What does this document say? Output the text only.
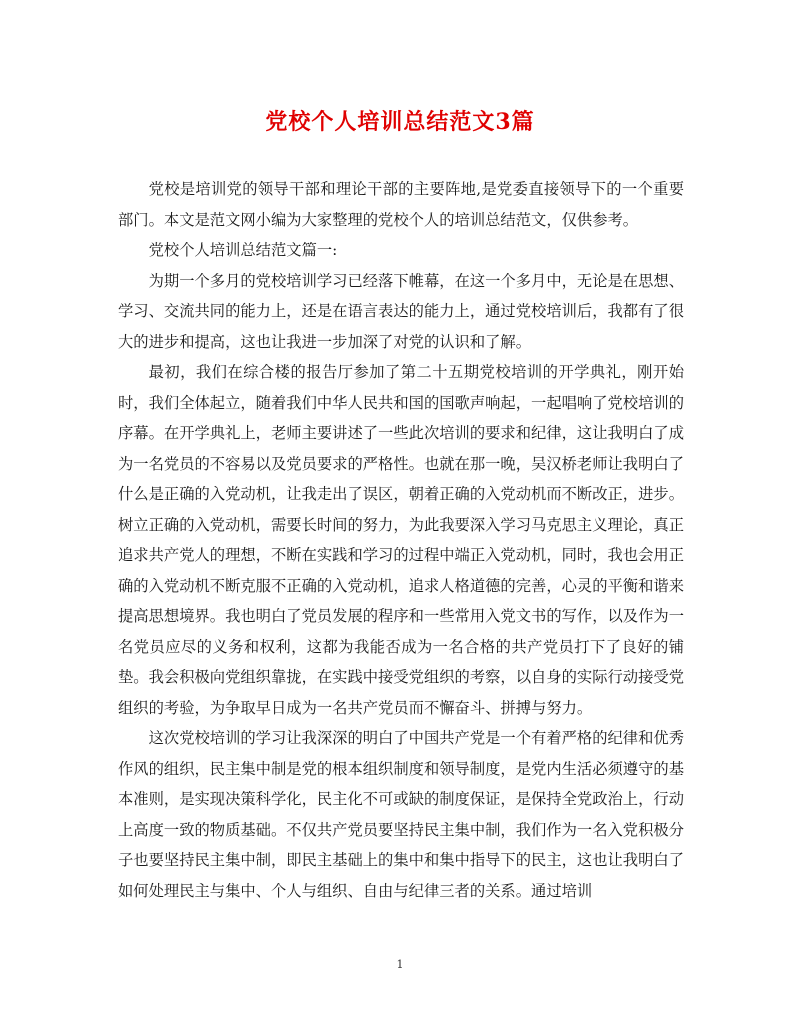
党校个人培训总结范文3篇

党校是培训党的领导干部和理论干部的主要阵地,是党委直接领导下的一个重要部门。本文是范文网小编为大家整理的党校个人的培训总结范文，仅供参考。

党校个人培训总结范文篇一:

为期一个多月的党校培训学习已经落下帷幕，在这一个多月中，无论是在思想、学习、交流共同的能力上，还是在语言表达的能力上，通过党校培训后，我都有了很大的进步和提高，这也让我进一步加深了对党的认识和了解。

最初，我们在综合楼的报告厅参加了第二十五期党校培训的开学典礼，刚开始时，我们全体起立，随着我们中华人民共和国的国歌声响起，一起唱响了党校培训的序幕。在开学典礼上，老师主要讲述了一些此次培训的要求和纪律，这让我明白了成为一名党员的不容易以及党员要求的严格性。也就在那一晚，吴汉桥老师让我明白了什么是正确的入党动机，让我走出了误区，朝着正确的入党动机而不断改正，进步。树立正确的入党动机，需要长时间的努力，为此我要深入学习马克思主义理论，真正追求共产党人的理想，不断在实践和学习的过程中端正入党动机，同时，我也会用正确的入党动机不断克服不正确的入党动机，追求人格道德的完善，心灵的平衡和谐来提高思想境界。我也明白了党员发展的程序和一些常用入党文书的写作，以及作为一名党员应尽的义务和权利，这都为我能否成为一名合格的共产党员打下了良好的铺垫。我会积极向党组织靠拢，在实践中接受党组织的考察，以自身的实际行动接受党组织的考验，为争取早日成为一名共产党员而不懈奋斗、拼搏与努力。

这次党校培训的学习让我深深的明白了中国共产党是一个有着严格的纪律和优秀作风的组织，民主集中制是党的根本组织制度和领导制度，是党内生活必须遵守的基本准则，是实现决策科学化，民主化不可或缺的制度保证，是保持全党政治上，行动上高度一致的物质基础。不仅共产党员要坚持民主集中制，我们作为一名入党积极分子也要坚持民主集中制，即民主基础上的集中和集中指导下的民主，这也让我明白了如何处理民主与集中、个人与组织、自由与纪律三者的关系。通过培训

1
